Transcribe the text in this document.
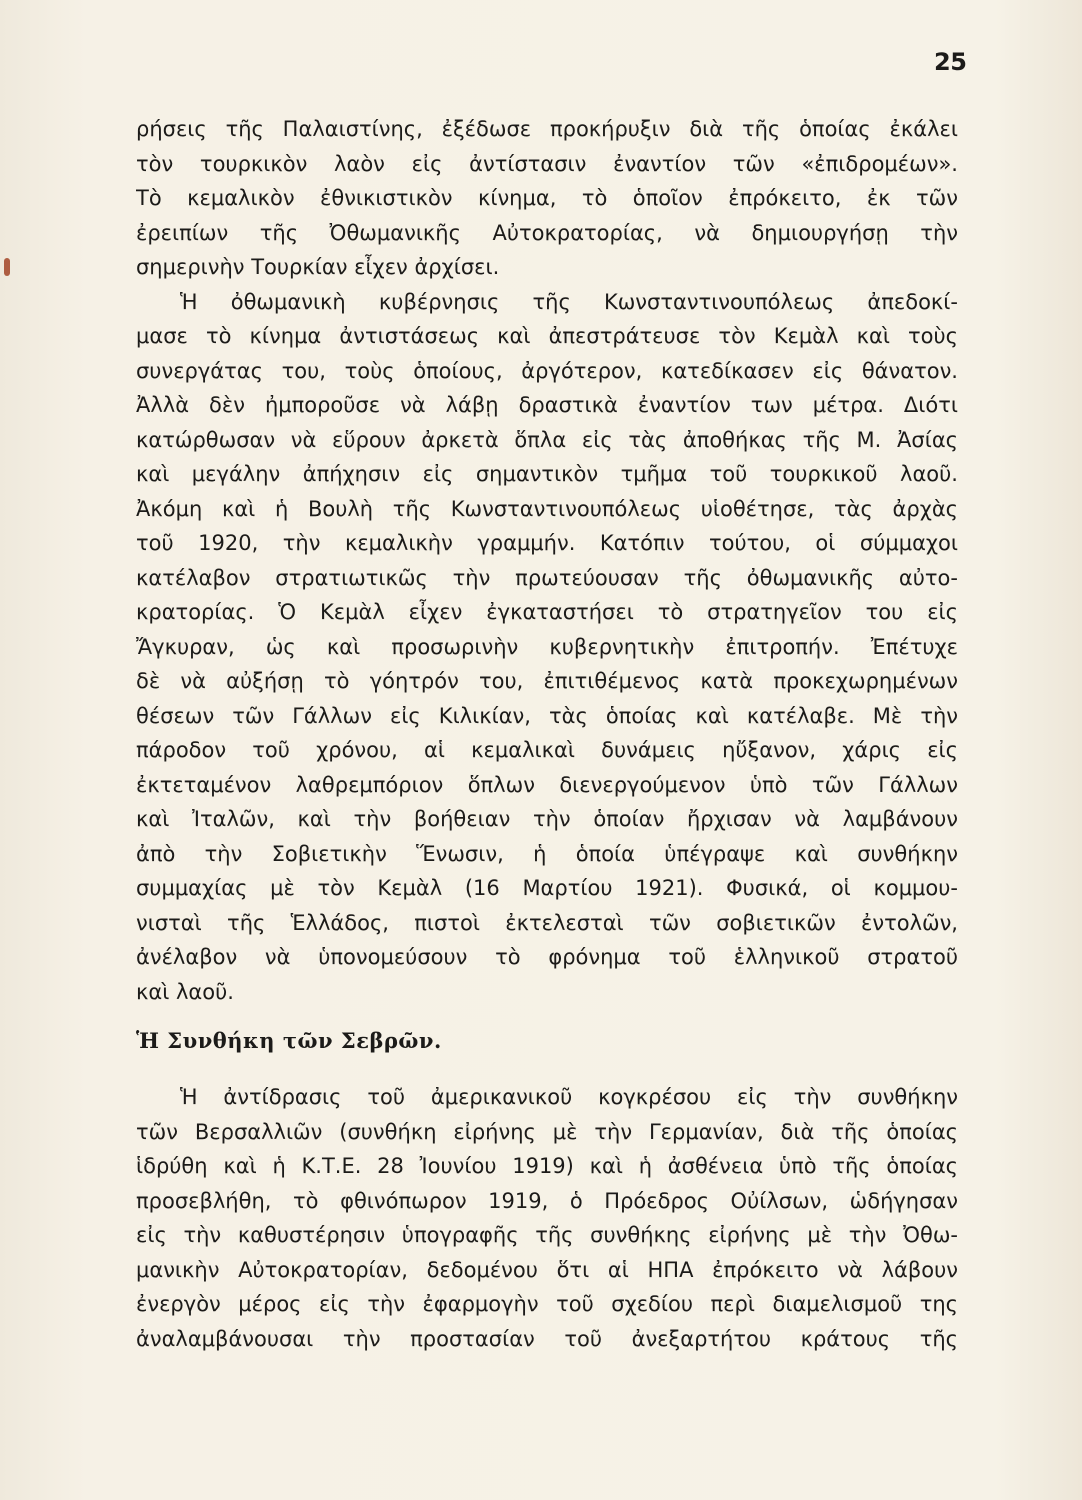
25
ρήσεις τῆς Παλαιστίνης, ἐξέδωσε προκήρυξιν διὰ τῆς ὁποίας ἐκάλει
τὸν τουρκικὸν λαὸν εἰς ἀντίστασιν ἐναντίον τῶν «ἐπιδρομέων».
Τὸ κεμαλικὸν ἐθνικιστικὸν κίνημα, τὸ ὁποῖον ἐπρόκειτο, ἐκ τῶν
ἐρειπίων τῆς Ὀθωμανικῆς Αὐτοκρατορίας, νὰ δημιουργήσῃ τὴν
σημερινὴν Τουρκίαν εἶχεν ἀρχίσει.
Ἡ ὀθωμανικὴ κυβέρνησις τῆς Κωνσταντινουπόλεως ἀπεδοκί-
μασε τὸ κίνημα ἀντιστάσεως καὶ ἀπεστράτευσε τὸν Κεμὰλ καὶ τοὺς
συνεργάτας του, τοὺς ὁποίους, ἀργότερον, κατεδίκασεν εἰς θάνατον.
Ἀλλὰ δὲν ἠμποροῦσε νὰ λάβῃ δραστικὰ ἐναντίον των μέτρα. Διότι
κατώρθωσαν νὰ εὕρουν ἀρκετὰ ὅπλα εἰς τὰς ἀποθήκας τῆς Μ. Ἀσίας
καὶ μεγάλην ἀπήχησιν εἰς σημαντικὸν τμῆμα τοῦ τουρκικοῦ λαοῦ.
Ἀκόμη καὶ ἡ Βουλὴ τῆς Κωνσταντινουπόλεως υἱοθέτησε, τὰς ἀρχὰς
τοῦ 1920, τὴν κεμαλικὴν γραμμήν. Κατόπιν τούτου, οἱ σύμμαχοι
κατέλαβον στρατιωτικῶς τὴν πρωτεύουσαν τῆς ὀθωμανικῆς αὐτο-
κρατορίας. Ὁ Κεμὰλ εἶχεν ἐγκαταστήσει τὸ στρατηγεῖον του εἰς
Ἄγκυραν, ὡς καὶ προσωρινὴν κυβερνητικὴν ἐπιτροπήν. Ἐπέτυχε
δὲ νὰ αὐξήσῃ τὸ γόητρόν του, ἐπιτιθέμενος κατὰ προκεχωρημένων
θέσεων τῶν Γάλλων εἰς Κιλικίαν, τὰς ὁποίας καὶ κατέλαβε. Μὲ τὴν
πάροδον τοῦ χρόνου, αἱ κεμαλικαὶ δυνάμεις ηὔξανον, χάρις εἰς
ἐκτεταμένον λαθρεμπόριον ὅπλων διενεργούμενον ὑπὸ τῶν Γάλλων
καὶ Ἰταλῶν, καὶ τὴν βοήθειαν τὴν ὁποίαν ἤρχισαν νὰ λαμβάνουν
ἀπὸ τὴν Σοβιετικὴν Ἕνωσιν, ἡ ὁποία ὑπέγραψε καὶ συνθήκην
συμμαχίας μὲ τὸν Κεμὰλ (16 Μαρτίου 1921). Φυσικά, οἱ κομμου-
νισταὶ τῆς Ἑλλάδος, πιστοὶ ἐκτελεσταὶ τῶν σοβιετικῶν ἐντολῶν,
ἀνέλαβον νὰ ὑπονομεύσουν τὸ φρόνημα τοῦ ἑλληνικοῦ στρατοῦ
καὶ λαοῦ.
Ἡ Συνθήκη τῶν Σεβρῶν.
Ἡ ἀντίδρασις τοῦ ἀμερικανικοῦ κογκρέσου εἰς τὴν συνθήκην
τῶν Βερσαλλιῶν (συνθήκη εἰρήνης μὲ τὴν Γερμανίαν, διὰ τῆς ὁποίας
ἱδρύθη καὶ ἡ Κ.Τ.Ε. 28 Ἰουνίου 1919) καὶ ἡ ἀσθένεια ὑπὸ τῆς ὁποίας
προσεβλήθη, τὸ φθινόπωρον 1919, ὁ Πρόεδρος Οὐίλσων, ὡδήγησαν
εἰς τὴν καθυστέρησιν ὑπογραφῆς τῆς συνθήκης εἰρήνης μὲ τὴν Ὀθω-
μανικὴν Αὐτοκρατορίαν, δεδομένου ὅτι αἱ ΗΠΑ ἐπρόκειτο νὰ λάβουν
ἐνεργὸν μέρος εἰς τὴν ἐφαρμογὴν τοῦ σχεδίου περὶ διαμελισμοῦ της
ἀναλαμβάνουσαι τὴν προστασίαν τοῦ ἀνεξαρτήτου κράτους τῆς
